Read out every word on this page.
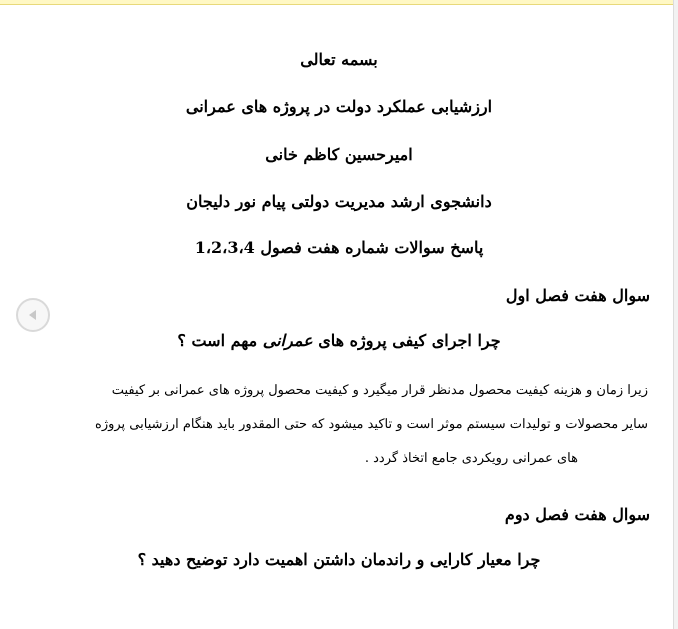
بسمه تعالی
ارزشیابی عملکرد دولت در پروژه های عمرانی
امیرحسین کاظم خانی
دانشجوی ارشد مدیریت دولتی پیام نور دلیجان
پاسخ سوالات شماره هفت فصول 1،2،3،4
سوال هفت فصل اول
چرا اجرای کیفی پروژه های عمرانی مهم است ؟
زیرا زمان و هزینه کیفیت محصول مدنظر قرار میگیرد و کیفیت محصول پروژه های عمرانی بر کیفیت
سایر محصولات و تولیدات سیستم موثر است و تاکید میشود که حتی المقدور باید هنگام ارزشیابی پروژه
های عمرانی رویکردی جامع اتخاذ گردد .
سوال هفت فصل دوم
چرا معیار کارایی و راندمان داشتن اهمیت دارد توضیح دهید ؟
